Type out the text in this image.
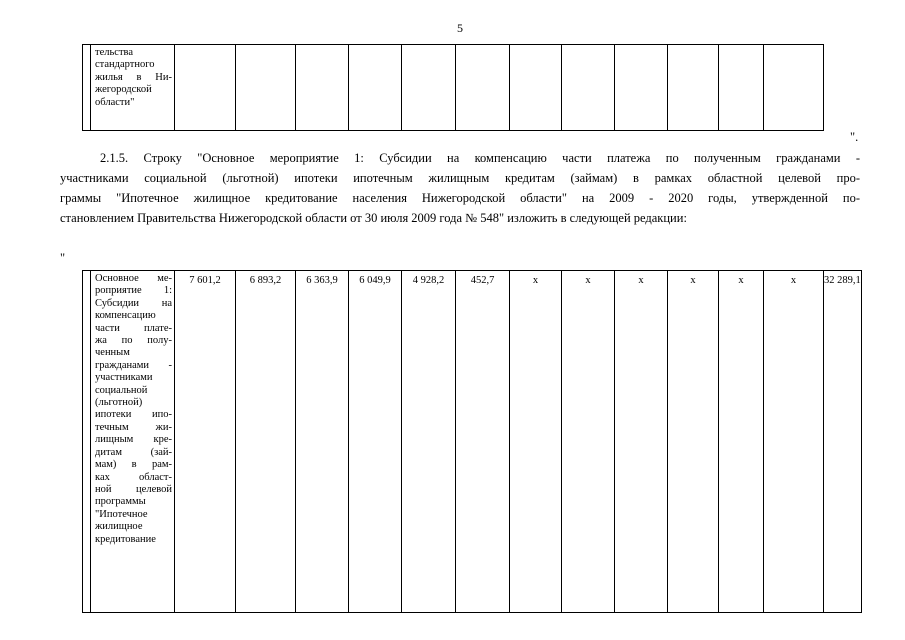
5

тельства
стандартного
жилья в Ни-
жегородской
области"

".
2.1.5. Строку "Основное мероприятие 1: Субсидии на компенсацию части платежа по полученным гражданами -
участниками социальной (льготной) ипотеки ипотечным жилищным кредитам (займам) в рамках областной целевой про-
граммы "Ипотечное жилищное кредитование населения Нижегородской области" на 2009 - 2020 годы, утвержденной по-
становлением Правительства Нижегородской области от 30 июля 2009 года № 548" изложить в следующей редакции:
"

Основное ме-
роприятие 1:
Субсидии на
компенсацию
части плате-
жа по полу-
ченным
гражданами -
участниками
социальной
(льготной)
ипотеки ипо-
течным жи-
лищным кре-
дитам (зай-
мам) в рам-
ках област-
ной целевой
программы
"Ипотечное
жилищное
кредитование
	7 601,2	6 893,2	6 363,9	6 049,9	4 928,2	452,7	х	х	х	х	х	х	32 289,1
